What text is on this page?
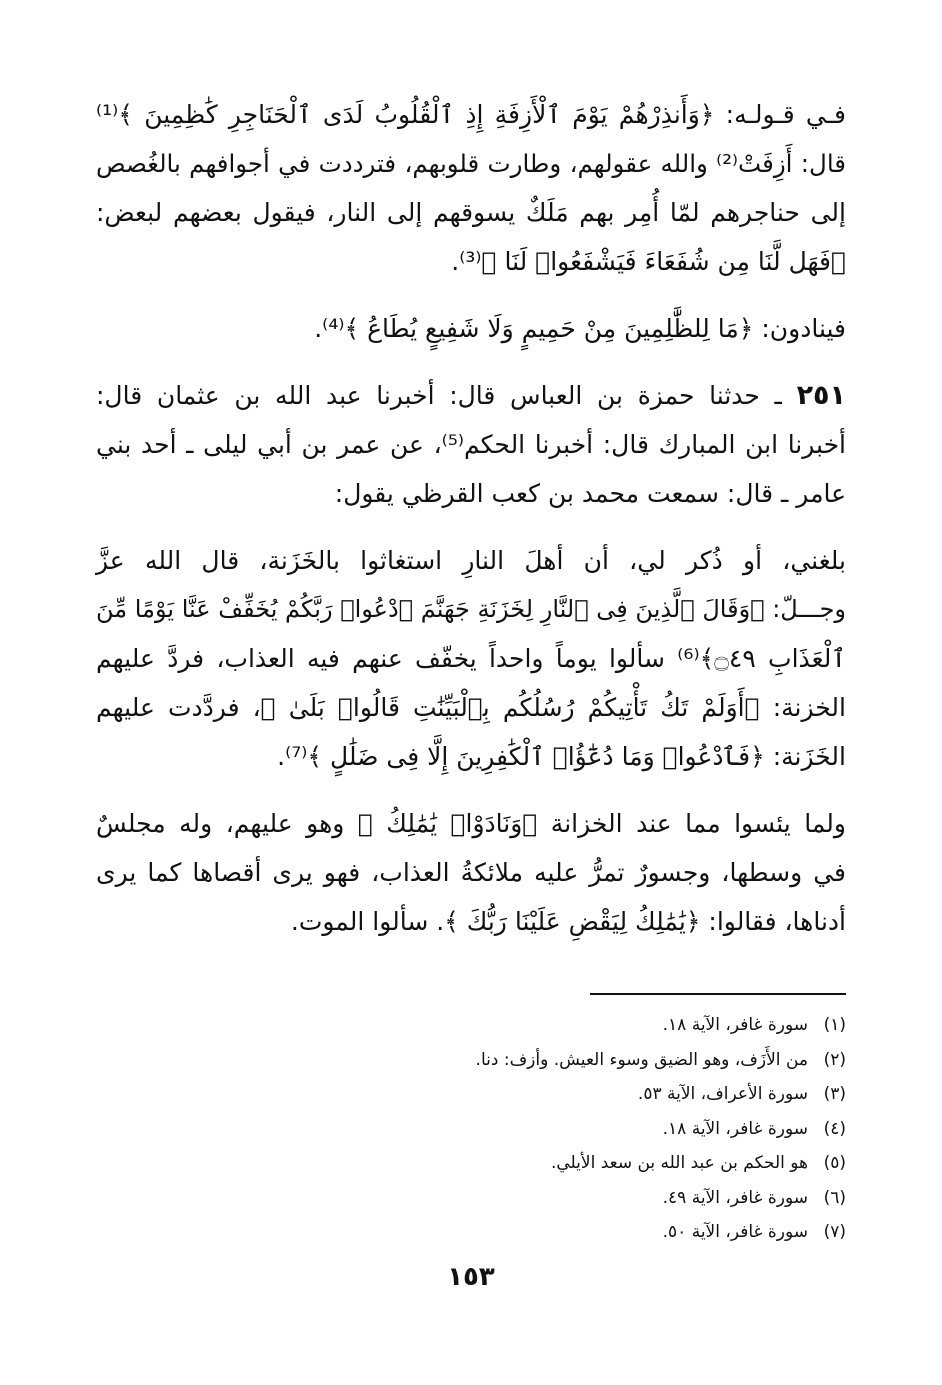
فـي قـولـه: ﴿وَأَنذِرْهُمْ يَوْمَ ٱلْأَزِفَةِ إِذِ ٱلْقُلُوبُ لَدَى ٱلْحَنَاجِرِ كَٰظِمِينَ ﴾⁽¹⁾
قال: أَزِفَتْ⁽²⁾ والله عقولهم، وطارت قلوبهم، فترددت في أجوافهم بالغُصص
إلى حناجرهم لمّا أُمِر بهم مَلَكٌ يسوقهم إلى النار، فيقول بعضهم لبعض:
﴿فَهَل لَّنَا مِن شُفَعَاءَ فَيَشْفَعُوا۟ لَنَا ﴾⁽³⁾.
فينادون: ﴿مَا لِلظَّٰلِمِينَ مِنْ حَمِيمٍ وَلَا شَفِيعٍ يُطَاعُ ﴾⁽⁴⁾.
٢٥١ ـ حدثنا حمزة بن العباس قال: أخبرنا عبد الله بن عثمان قال:
أخبرنا ابن المبارك قال: أخبرنا الحكم⁽⁵⁾، عن عمر بن أبي ليلى ـ أحد بني
عامر ـ قال: سمعت محمد بن كعب القرظي يقول:
بلغني، أو ذُكر لي، أن أهلَ النارِ استغاثوا بالخَزَنة، قال الله عزَّ
وجـــلّ: ﴿وَقَالَ ٱلَّذِينَ فِى ٱلنَّارِ لِخَزَنَةِ جَهَنَّمَ ٱدْعُوا۟ رَبَّكُمْ يُخَفِّفْ عَنَّا يَوْمًا مِّنَ
ٱلْعَذَابِ ۝٤٩﴾⁽⁶⁾ سألوا يوماً واحداً يخفّف عنهم فيه العذاب، فردَّ عليهم
الخزنة: ﴿أَوَلَمْ تَكُ تَأْتِيكُمْ رُسُلُكُم بِٱلْبَيِّنَٰتِ قَالُوا۟ بَلَىٰ ﴾، فردَّدت عليهم
الخَزَنة: ﴿فَٱدْعُوا۟ وَمَا دُعَٰٓؤُا۟ ٱلْكَٰفِرِينَ إِلَّا فِى ضَلَٰلٍ ﴾⁽⁷⁾.
ولما يئسوا مما عند الخزانة ﴿وَنَادَوْا۟ يَٰمَٰلِكُ ﴾ وهو عليهم، وله مجلسٌ
في وسطها، وجسورٌ تمرُّ عليه ملائكةُ العذاب، فهو يرى أقصاها كما يرى
أدناها، فقالوا: ﴿يَٰمَٰلِكُ لِيَقْضِ عَلَيْنَا رَبُّكَ ﴾. سألوا الموت.
(١)
سورة غافر، الآية ١٨.
(٢)
من الأَزَف، وهو الضيق وسوء العيش. وأزف: دنا.
(٣)
سورة الأعراف، الآية ٥٣.
(٤)
سورة غافر، الآية ١٨.
(٥)
هو الحكم بن عبد الله بن سعد الأيلي.
(٦)
سورة غافر، الآية ٤٩.
(٧)
سورة غافر، الآية ٥٠.
١٥٣
